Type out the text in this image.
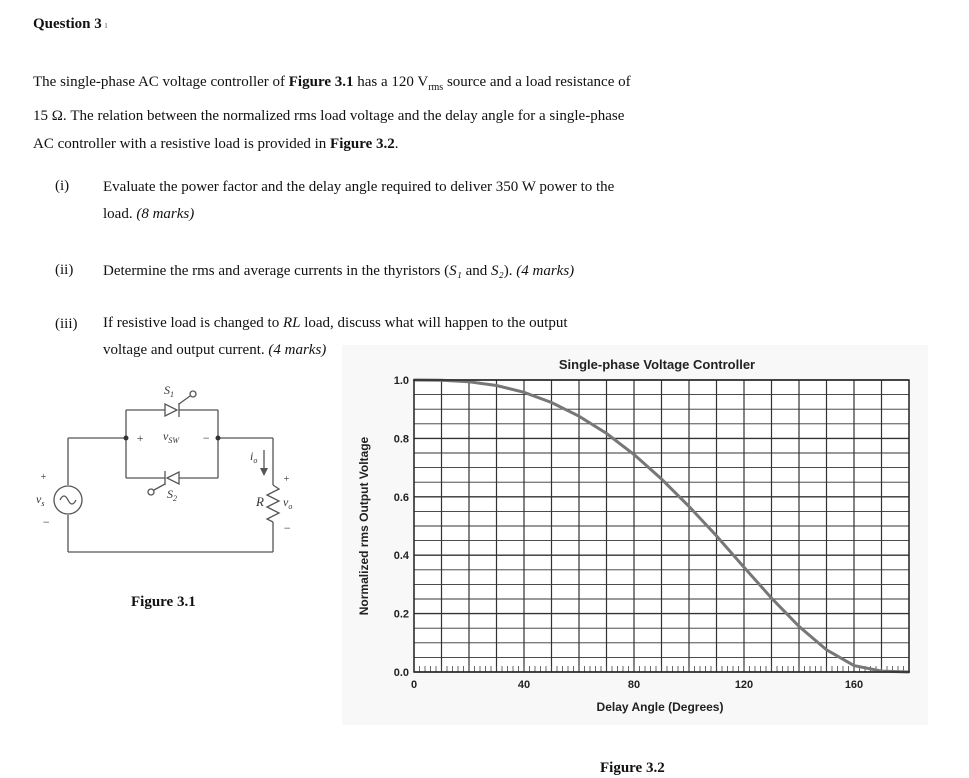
Question 3 ı
The single-phase AC voltage controller of Figure 3.1 has a 120 $V_{rms}$ source and a load resistance of 15 Ω. The relation between the normalized rms load voltage and the delay angle for a single-phase AC controller with a resistive load is provided in Figure 3.2.
(i) Evaluate the power factor and the delay angle required to deliver 350 W power to the load. (8 marks)
(ii) Determine the rms and average currents in the thyristors (S₁ and S₂). (4 marks)
(iii) If resistive load is changed to RL load, discuss what will happen to the output voltage and output current. (4 marks)
$S_1$
$S_2$
+ $v_{SW}$ −
$i_o$
R
+
$v_o$
−
+
$v_s$
−
Figure 3.1
0	40	80	120	160
0.0
0.2
0.4
0.6
0.8
1.0
Single-phase Voltage Controller
Delay Angle (Degrees)
Normalized rms Output Voltage
Figure 3.2
